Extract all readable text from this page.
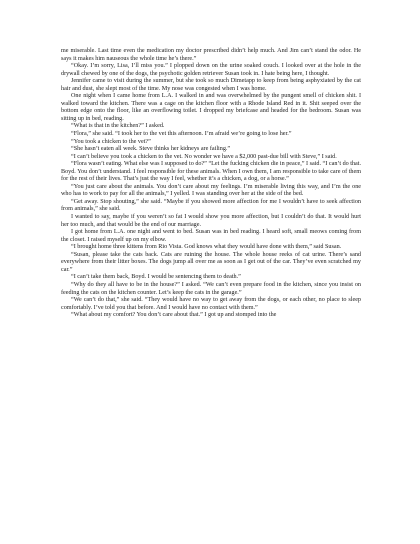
me miserable. Last time even the medication my doctor prescribed didn’t help much. And Jim can’t stand the odor. He says it makes him nauseous the whole time he’s there.”

“Okay. I’m sorry, Lisa, I’ll miss you.” I plopped down on the urine soaked couch. I looked over at the hole in the drywall chewed by one of the dogs, the psychotic golden retriever Susan took in. I hate being here, I thought.

Jennifer came to visit during the summer, but she took so much Dimetapp to keep from being asphyxiated by the cat hair and dust, she slept most of the time. My nose was congested when I was home.

One night when I came home from L.A. I walked in and was overwhelmed by the pungent smell of chicken shit. I walked toward the kitchen. There was a cage on the kitchen floor with a Rhode Island Red in it. Shit seeped over the bottom edge onto the floor, like an overflowing toilet. I dropped my briefcase and headed for the bedroom. Susan was sitting up in bed, reading.

“What is that in the kitchen?” I asked.

“Flora,” she said. “I took her to the vet this afternoon. I’m afraid we’re going to lose her.”

“You took a chicken to the vet?”

“She hasn’t eaten all week. Steve thinks her kidneys are failing.”

“I can’t believe you took a chicken to the vet. No wonder we have a $2,000 past-due bill with Steve,” I said.

“Flora wasn’t eating. What else was I supposed to do?” “Let the fucking chicken die in peace,” I said. “I can’t do that. Boyd. You don’t understand. I feel responsible for these animals. When I own them, I am responsible to take care of them for the rest of their lives. That’s just the way I feel, whether it’s a chicken, a dog, or a horse.”

“You just care about the animals. You don’t care about my feelings. I’m miserable living this way, and I’m the one who has to work to pay for all the animals,” I yelled. I was standing over her at the side of the bed.

“Get away. Stop shouting,” she said. “Maybe if you showed more affection for me I wouldn’t have to seek affection from animals,” she said.

I wanted to say, maybe if you weren’t so fat I would show you more affection, but I couldn’t do that. It would hurt her too much, and that would be the end of our marriage.

I got home from L.A. one night and went to bed. Susan was in bed reading. I heard soft, small meows coming from the closet. I raised myself up on my elbow.

“I brought home three kittens from Rio Vista. God knows what they would have done with them,” said Susan.

“Susan, please take the cats back. Cats are ruining the house. The whole house reeks of cat urine. There’s sand everywhere from their litter boxes. The dogs jump all over me as soon as I get out of the car. They’ve even scratched my car.”

“I can’t take them back, Boyd. I would be sentencing them to death.”

“Why do they all have to be in the house?” I asked. “We can’t even prepare food in the kitchen, since you insist on feeding the cats on the kitchen counter. Let’s keep the cats in the garage.”

“We can’t do that,” she said. “They would have no way to get away from the dogs, or each other, no place to sleep comfortably. I’ve told you that before. And I would have no contact with them.”

“What about my comfort? You don’t care about that.” I got up and stomped into the
